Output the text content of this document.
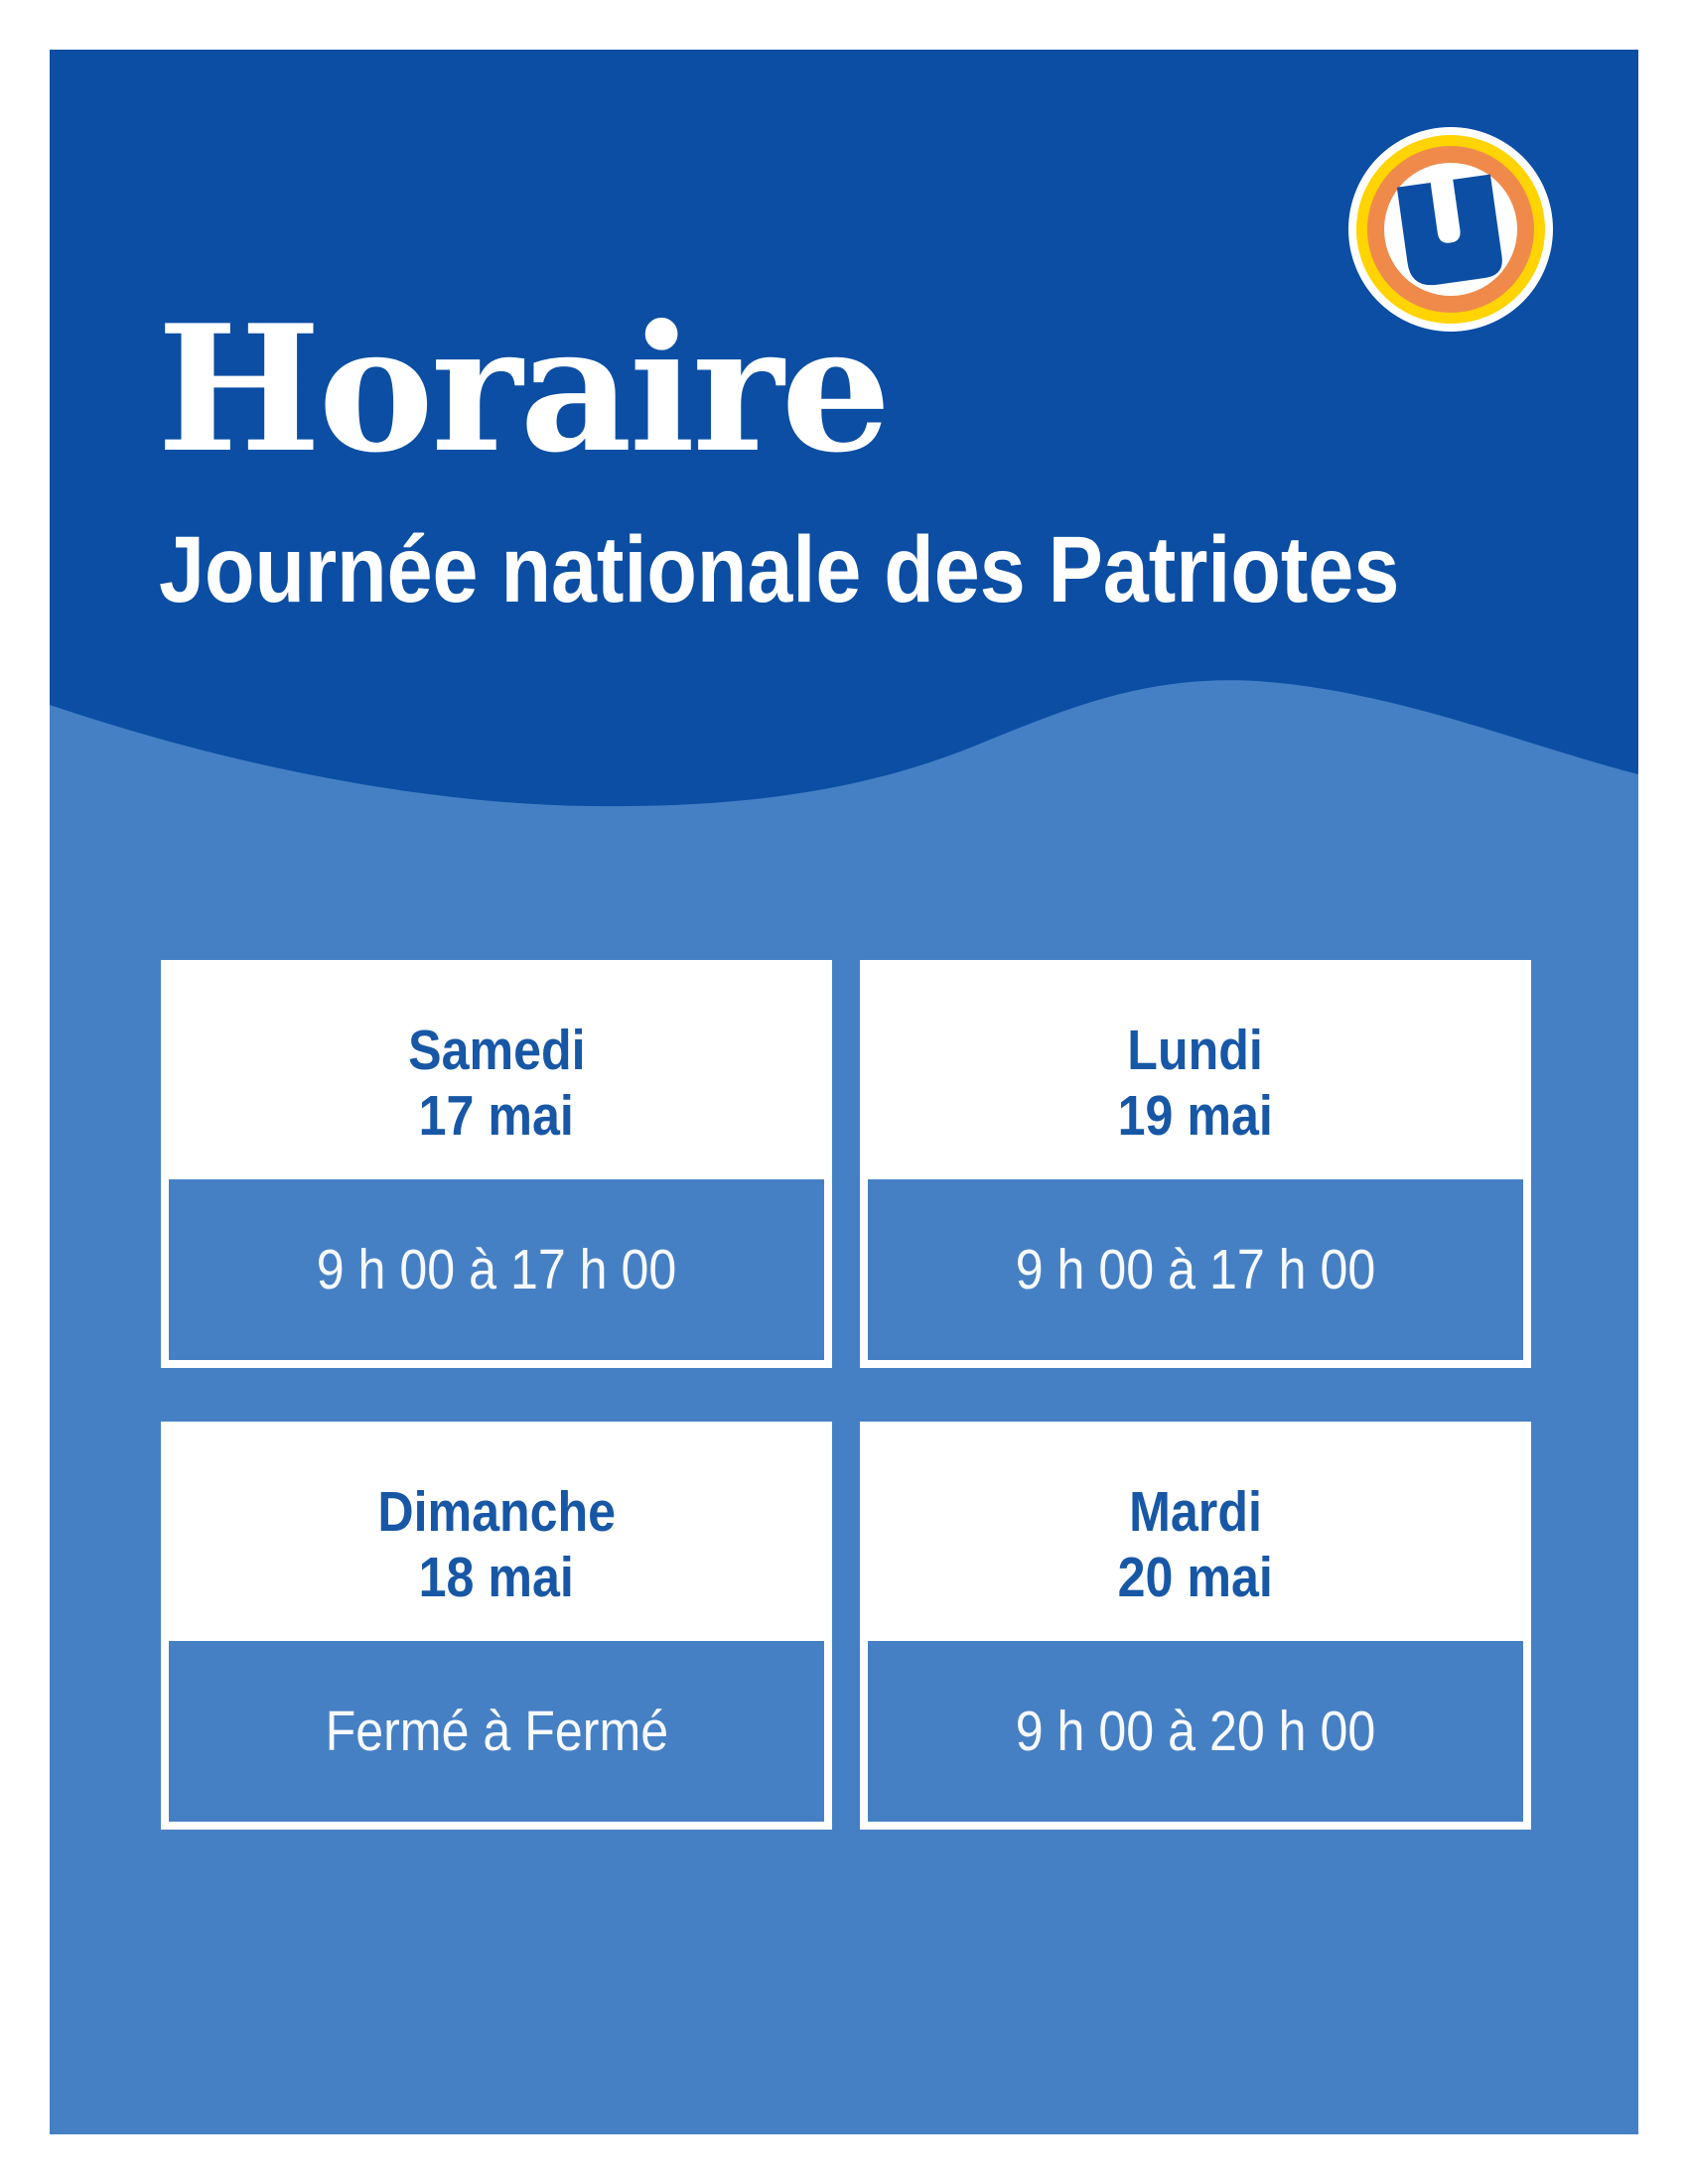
Horaire
Journée nationale des Patriotes
Samedi
17 mai
9 h 00 à 17 h 00
Lundi
19 mai
9 h 00 à 17 h 00
Dimanche
18 mai
Fermé à Fermé
Mardi
20 mai
9 h 00 à 20 h 00
